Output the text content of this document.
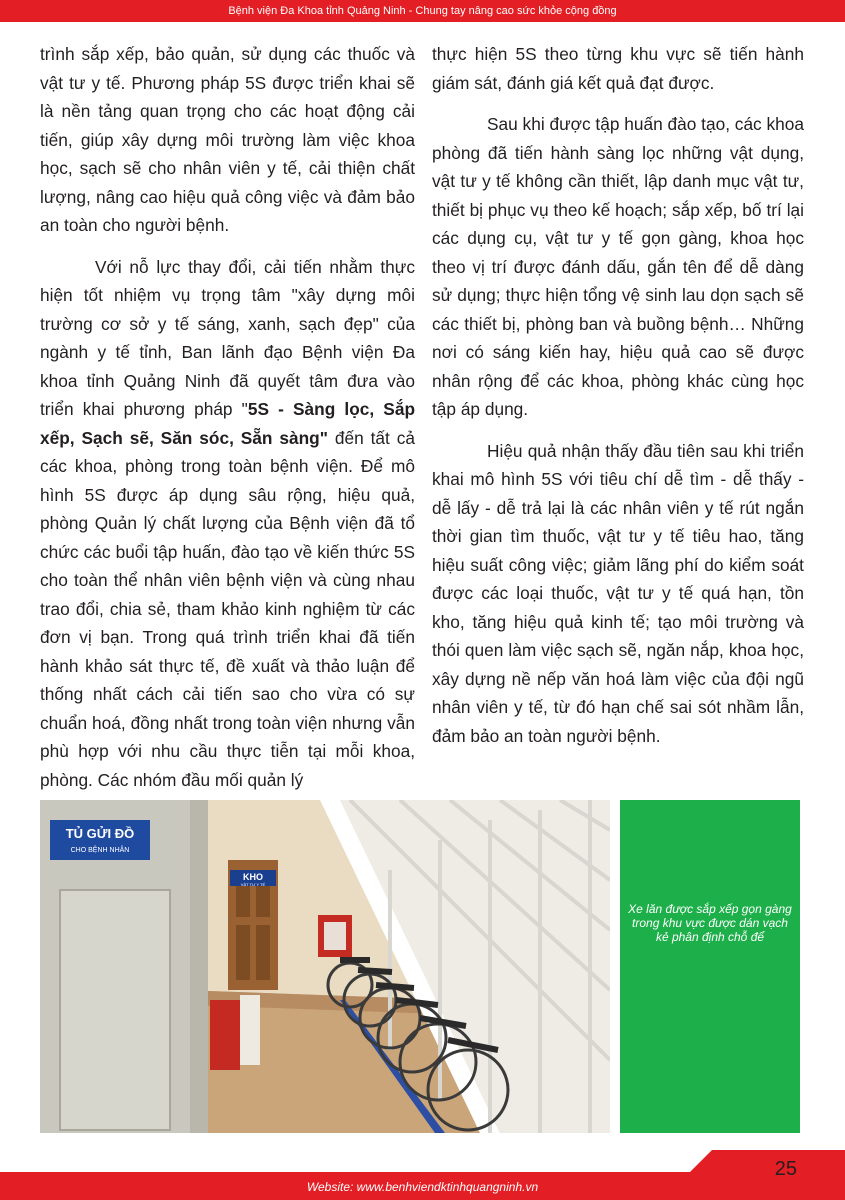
Bệnh viện Đa Khoa tỉnh Quảng Ninh - Chung tay nâng cao sức khỏe cộng đồng

trình sắp xếp, bảo quản, sử dụng các thuốc và vật tư y tế. Phương pháp 5S được triển khai sẽ là nền tảng quan trọng cho các hoạt động cải tiến, giúp xây dựng môi trường làm việc khoa học, sạch sẽ cho nhân viên y tế, cải thiện chất lượng, nâng cao hiệu quả công việc và đảm bảo an toàn cho người bệnh.

Với nỗ lực thay đổi, cải tiến nhằm thực hiện tốt nhiệm vụ trọng tâm "xây dựng môi trường cơ sở y tế sáng, xanh, sạch đẹp" của ngành y tế tỉnh, Ban lãnh đạo Bệnh viện Đa khoa tỉnh Quảng Ninh đã quyết tâm đưa vào triển khai phương pháp "5S - Sàng lọc, Sắp xếp, Sạch sẽ, Săn sóc, Sẵn sàng" đến tất cả các khoa, phòng trong toàn bệnh viện. Để mô hình 5S được áp dụng sâu rộng, hiệu quả, phòng Quản lý chất lượng của Bệnh viện đã tổ chức các buổi tập huấn, đào tạo về kiến thức 5S cho toàn thể nhân viên bệnh viện và cùng nhau trao đổi, chia sẻ, tham khảo kinh nghiệm từ các đơn vị bạn. Trong quá trình triển khai đã tiến hành khảo sát thực tế, đề xuất và thảo luận để thống nhất cách cải tiến sao cho vừa có sự chuẩn hoá, đồng nhất trong toàn viện nhưng vẫn phù hợp với nhu cầu thực tiễn tại mỗi khoa, phòng. Các nhóm đầu mối quản lý

thực hiện 5S theo từng khu vực sẽ tiến hành giám sát, đánh giá kết quả đạt được.

Sau khi được tập huấn đào tạo, các khoa phòng đã tiến hành sàng lọc những vật dụng, vật tư y tế không cần thiết, lập danh mục vật tư, thiết bị phục vụ theo kế hoạch; sắp xếp, bố trí lại các dụng cụ, vật tư y tế gọn gàng, khoa học theo vị trí được đánh dấu, gắn tên để dễ dàng sử dụng; thực hiện tổng vệ sinh lau dọn sạch sẽ các thiết bị, phòng ban và buồng bệnh… Những nơi có sáng kiến hay, hiệu quả cao sẽ được nhân rộng để các khoa, phòng khác cùng học tập áp dụng.

Hiệu quả nhận thấy đầu tiên sau khi triển khai mô hình 5S với tiêu chí dễ tìm - dễ thấy - dễ lấy - dễ trả lại là các nhân viên y tế rút ngắn thời gian tìm thuốc, vật tư y tế tiêu hao, tăng hiệu suất công việc; giảm lãng phí do kiểm soát được các loại thuốc, vật tư y tế quá hạn, tồn kho, tăng hiệu quả kinh tế; tạo môi trường và thói quen làm việc sạch sẽ, ngăn nắp, khoa học, xây dựng nề nếp văn hoá làm việc của đội ngũ nhân viên y tế, từ đó hạn chế sai sót nhầm lẫn, đảm bảo an toàn người bệnh.

KHO
VẬT TƯ Y TẾ
TỦ GỬI ĐỒ
CHO BỆNH NHÂN
Xe lăn được sắp xếp gọn gàng trong khu vực được dán vạch kẻ phân định chỗ để
Website: www.benhviendktinhquangninh.vn
25
